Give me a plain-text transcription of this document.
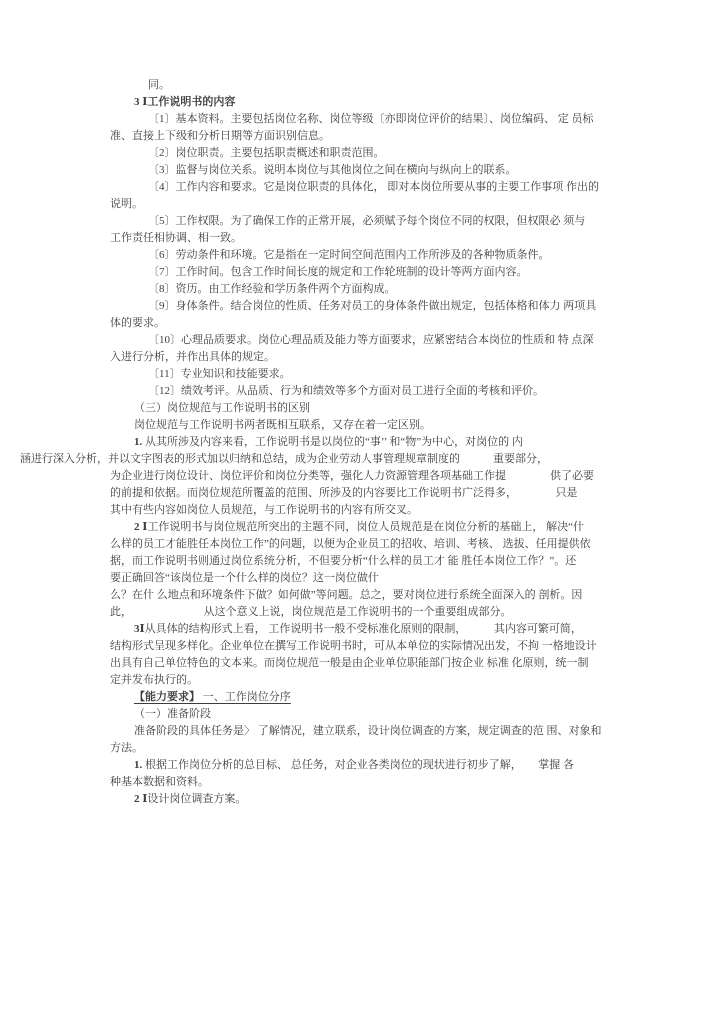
同。
3 Ⅰ工作说明书的内容
〔1〕基本资料。主要包括岗位名称、岗位等级〔亦即岗位评价的结果〕、岗位编码、 定 员标
准、直接上下级和分析日期等方面识别信息。
〔2〕岗位职责。主要包括职责概述和职责范围。
〔3〕监督与岗位关系。说明本岗位与其他岗位之间在横向与纵向上的联系。
〔4〕工作内容和要求。它是岗位职责的具体化， 即对本岗位所要从事的主要工作事项 作出的
说明。
〔5〕工作权限。为了确保工作的正常开展，必须赋予每个岗位不同的权限，但权限必 须与
工作责任相协调、相一致。
〔6〕劳动条件和环境。它是指在一定时间空间范围内工作所涉及的各种物质条件。
〔7〕工作时间。包含工作时间长度的规定和工作轮班制的设计等两方面内容。
〔8〕资历。由工作经验和学历条件两个方面构成。
〔9〕身体条件。结合岗位的性质、任务对员工的身体条件做出规定，包括体格和体力 两项具
体的要求。
〔10〕心理品质要求。岗位心理品质及能力等方面要求，应紧密结合本岗位的性质和 特 点深
入进行分析，并作出具体的规定。
〔11〕专业知识和技能要求。
〔12〕绩效考评。从品质、行为和绩效等多个方面对员工进行全面的考核和评价。
（三）岗位规范与工作说明书的区别
岗位规范与工作说明书两者既相互联系，又存在着一定区别。
1. 从其所涉及内容来看，工作说明书是以岗位的“事’’ 和“物”为中心，对岗位的 内
涵进行深入分析，并以文字图表的形式加以归纳和总结，成为企业劳动人事管理规章制度的　　　重要部分，
为企业进行岗位设计、岗位评价和岗位分类等，强化人力资源管理各项基础工作提　　　　供了必要
的前提和依据。而岗位规范所覆盖的范围、所涉及的内容要比工作说明书广泛得多，　　　　只是
其中有些内容如岗位人员规范，与工作说明书的内容有所交叉。
2 Ⅰ工作说明书与岗位规范所突出的主题不同，岗位人员规范是在岗位分析的基础上， 解决“什
么样的员工才能胜任本岗位工作”的问题，以便为企业员工的招收、培训、考核、 选拔、任用提供依
据，而工作说明书则通过岗位系统分析，不但要分析“什么样的员工才 能 胜任本岗位工作？”。还
要正确回答“该岗位是一个什么样的岗位？这一岗位做什
么？在什 么地点和环境条件下做？如何做”等问题。总之，要对岗位进行系统全面深入的 剖析。因
此，　　　　　　　从这个意义上说，岗位规范是工作说明书的一个重要组成部分。
3Ⅰ从具体的结构形式上看， 工作说明书一般不受标准化原则的限制，　　　其内容可繁可简，
结构形式呈现多样化。企业单位在撰写工作说明书时，可从本单位的实际情况出发，不拘 一格地设计
出具有自己单位特色的文本来。而岗位规范一般是由企业单位职能部门按企业 标准 化原则，统一制
定并发布执行的。
【能力要求】 一、工作岗位分序
（一）准备阶段
准备阶段的具体任务是〉 了解情况，建立联系，设计岗位调查的方案，规定调查的范 围、对象和
方法。
1. 根据工作岗位分析的总目标、 总任务，对企业各类岗位的现状进行初步了解，　　掌握 各
种基本数据和资料。
2 Ⅰ设计岗位调查方案。
